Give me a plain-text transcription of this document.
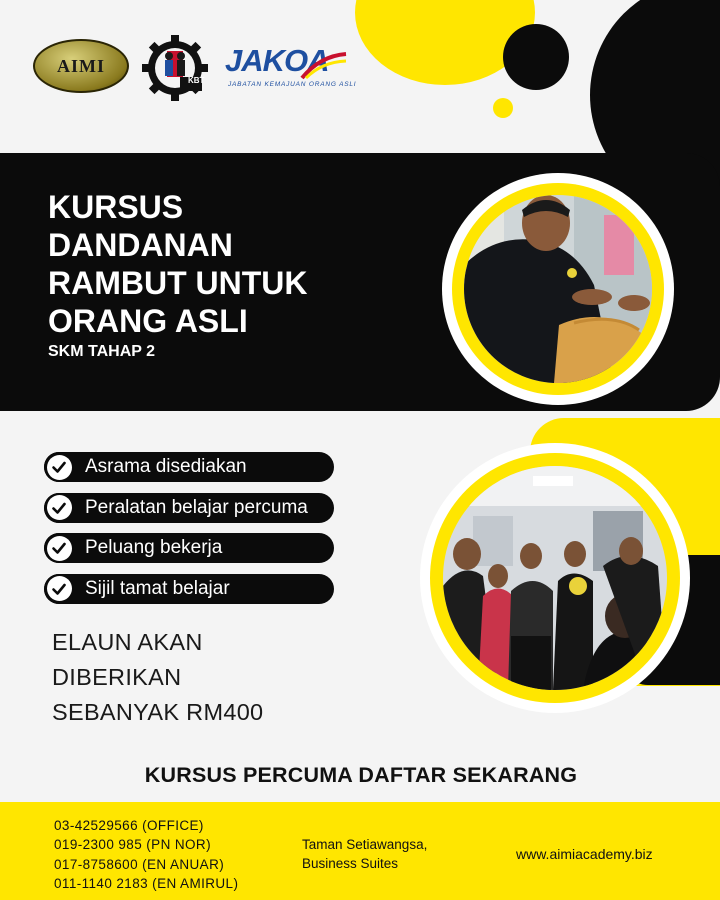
AIMI
KBT
JAKOA
JABATAN KEMAJUAN ORANG ASLI
KURSUS
DANDANAN
RAMBUT UNTUK
ORANG ASLI
SKM TAHAP 2
Asrama disediakan
Peralatan belajar percuma
Peluang bekerja
Sijil tamat belajar
ELAUN AKAN
DIBERIKAN
SEBANYAK RM400
KURSUS PERCUMA DAFTAR SEKARANG
03-42529566 (OFFICE)
019-2300 985 (PN NOR)
017-8758600 (EN ANUAR)
011-1140 2183 (EN AMIRUL)
Taman Setiawangsa,
Business Suites
www.aimiacademy.biz
